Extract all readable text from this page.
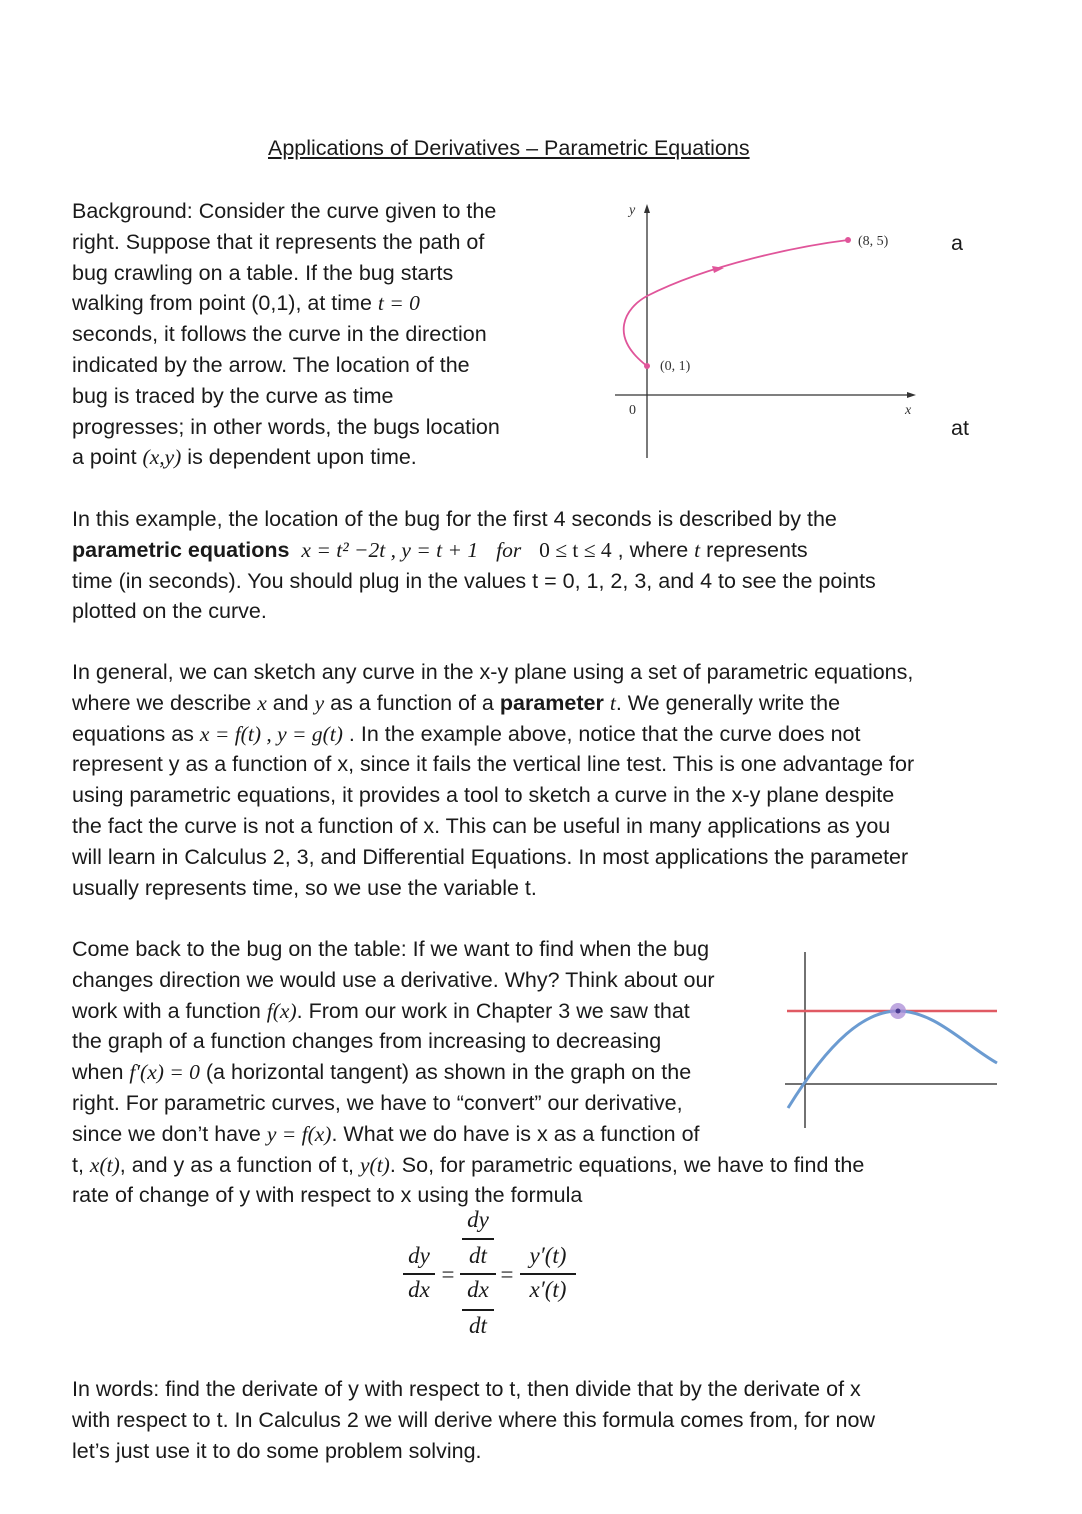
Applications of Derivatives – Parametric Equations
Background: Consider the curve given to the
right. Suppose that it represents the path of
bug crawling on a table. If the bug starts
walking from point (0,1), at time t = 0
seconds, it follows the curve in the direction
indicated by the arrow. The location of the
bug is traced by the curve as time
progresses; in other words, the bugs location
a point (x,y) is dependent upon time.
a
at
y
x
0
(0, 1)
(8, 5)
In this example, the location of the bug for the first 4 seconds is described by the
parametric equations x = t² −2t , y = t + 1 for 0 ≤ t ≤ 4 , where t represents
time (in seconds). You should plug in the values t = 0, 1, 2, 3, and 4 to see the points
plotted on the curve.
In general, we can sketch any curve in the x-y plane using a set of parametric equations,
where we describe x and y as a function of a parameter t. We generally write the
equations as x = f(t) , y = g(t) . In the example above, notice that the curve does not
represent y as a function of x, since it fails the vertical line test. This is one advantage for
using parametric equations, it provides a tool to sketch a curve in the x-y plane despite
the fact the curve is not a function of x. This can be useful in many applications as you
will learn in Calculus 2, 3, and Differential Equations. In most applications the parameter
usually represents time, so we use the variable t.
Come back to the bug on the table: If we want to find when the bug
changes direction we would use a derivative. Why? Think about our
work with a function f(x). From our work in Chapter 3 we saw that
the graph of a function changes from increasing to decreasing
when f′(x) = 0 (a horizontal tangent) as shown in the graph on the
right. For parametric curves, we have to “convert” our derivative,
since we don’t have y = f(x). What we do have is x as a function of
t, x(t), and y as a function of t, y(t). So, for parametric equations, we have to find the
rate of change of y with respect to x using the formula
dy
dx
=
dy
dt
dx
dt
=
y′(t)
x′(t)
In words: find the derivate of y with respect to t, then divide that by the derivate of x
with respect to t. In Calculus 2 we will derive where this formula comes from, for now
let’s just use it to do some problem solving.
